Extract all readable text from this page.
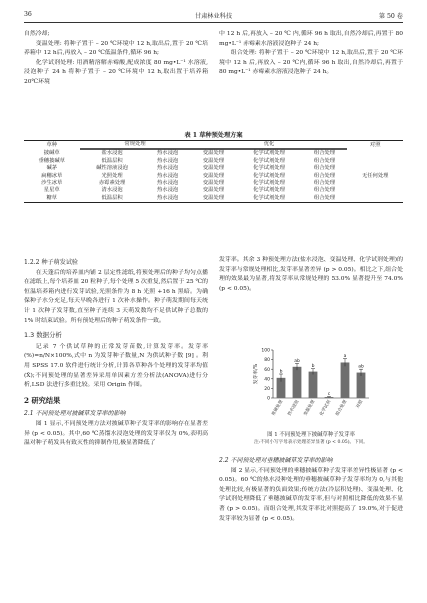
36	甘肃林业科技	第 50 卷

自然冷却;

变温处理: 将种子置于 – 20 ℃环境中 12 h,取出后,置于 20 ℃培养箱中 12 h后,再放入 – 20 ℃低温条件,循环 96 h;

化学试剂处理: 用酒精溶解赤霉酸,配成浓度 80 mg•L⁻¹ 水溶液,浸泡种子 24 h 将种子置于 – 20 ℃环境中 12 h,取出置于培养箱 20℃环境

中 12 h 后,再放入 – 20 ℃ 内,循环 96 h 取出,自然冷却后,再置于 80 mg•L⁻¹ 赤霉素水溶液浸泡种子 24 h;

组合处理: 将种子置于 – 20 ℃环境中 12 h,取出后,置于 20 ℃环境中 12 h 后,再放入 – 20 ℃内,循环 96 h 取出,自然冷却后,再置于 80 mg•L⁻¹ 赤霉素水溶液浸泡种子 24 h。

表 1 草种预处理方案
草种	常规处理		优化			对照

披碱草	盐水浸泡	热水浸泡	变温处理	化学试剂处理	组合处理	
垂穗披碱草	低温层积	热水浸泡	变温处理	化学试剂处理	组合处理	
碱茅	碱性溶液浸泡	热水浸泡	变温处理	化学试剂处理	组合处理	
扁穗冰草	光照处理	热水浸泡	变温处理	化学试剂处理	组合处理	无任何处理
沙生冰草	赤霉素处理	热水浸泡	变温处理	化学试剂处理	组合处理	
星星草	清水浸泡	热水浸泡	变温处理	化学试剂处理	组合处理	
糖草	低温层积	热水浸泡	变温处理	化学试剂处理	组合处理	
1.2.2 种子萌发试验

在天蓬后的培养皿内铺 2 层定性滤纸,将预处理后的种子均匀点播在滤纸上,每个培养皿 20 粒种子,每个处理 5 次重复,然后置于 25 ℃的恒温培养箱内进行发芽试验,光照条件为 8 h 光照 +16 h 黑暗。为确保种子水分充足,每天早晚各进行 1 次补水操作。种子萌发期间每天统计 1 次种子发芽数,直至种子连续 3 天萌发数均不足供试种子总数的 1% 时结束试验。所有预处理后的种子萌发条件一致。

1.3 数据分析

记录 7 个供试草种的正常发芽苗数,计算发芽率。发芽率(%)=n/N×100%,式中 n 为发芽种子数量,N 为供试种子数 [9] 。利用 SPSS 17.0 软件进行统计分析,计算各草种各个处理的发芽率均值(X̄);不同预处理的显著差异采用单因素方差分析法(ANOVA)进行分析,LSD 法进行多重比较。采用 Origin 作图。

2 研究结果
2.1 不同预处理对披碱草发芽率的影响

图 1 显示,不同预处理方法对披碱草种子发芽率的影响存在显著差异 (p < 0.05)。其中,60 ℃蒸馏水浸泡处理的发芽率仅为 0%,表明高温对种子萌发具有致灭性的抑制作用,极显著降低了

发芽率。其余 3 种预处理方法(盐水浸泡、变温处理、化学试剂处理)的发芽率与常规处理相比,发芽率显著差异 (p > 0.05)。相比之下,组合处理的效果最为显著,将发芽率从常规处理的 53.0% 显著提升至 74.0% (p < 0.05)。

0
20
40
60
80
100
发芽率/%	b
常规处理
ab
热水浸泡
b
变温处理
c
化学试剂
a
组合处理
ab
对照
图 1 不同预处理下披碱草种子发芽率
注:不同小写字母表示处理差异显著 (p < 0.05)。下同。
2.2 不同预处理对垂穗披碱草发芽率的影响

图 2 显示,不同预处理的垂穗披碱草种子发芽率差异性极显著 (p < 0.05)。60 ℃的热水浸种处理的垂穗披碱草种子发芽率均为 0,与其他处理比较,有极显著的负面效果;传统方法(冷层积处理)、变温处理、化学试剂处理降低了垂穗披碱草的发芽率,但与对照相比降低的效果不显著 (p > 0.05)。而组合处理,其发芽率比对照提高了 19.0%,对于促进发芽率较为显著 (p < 0.05)。
